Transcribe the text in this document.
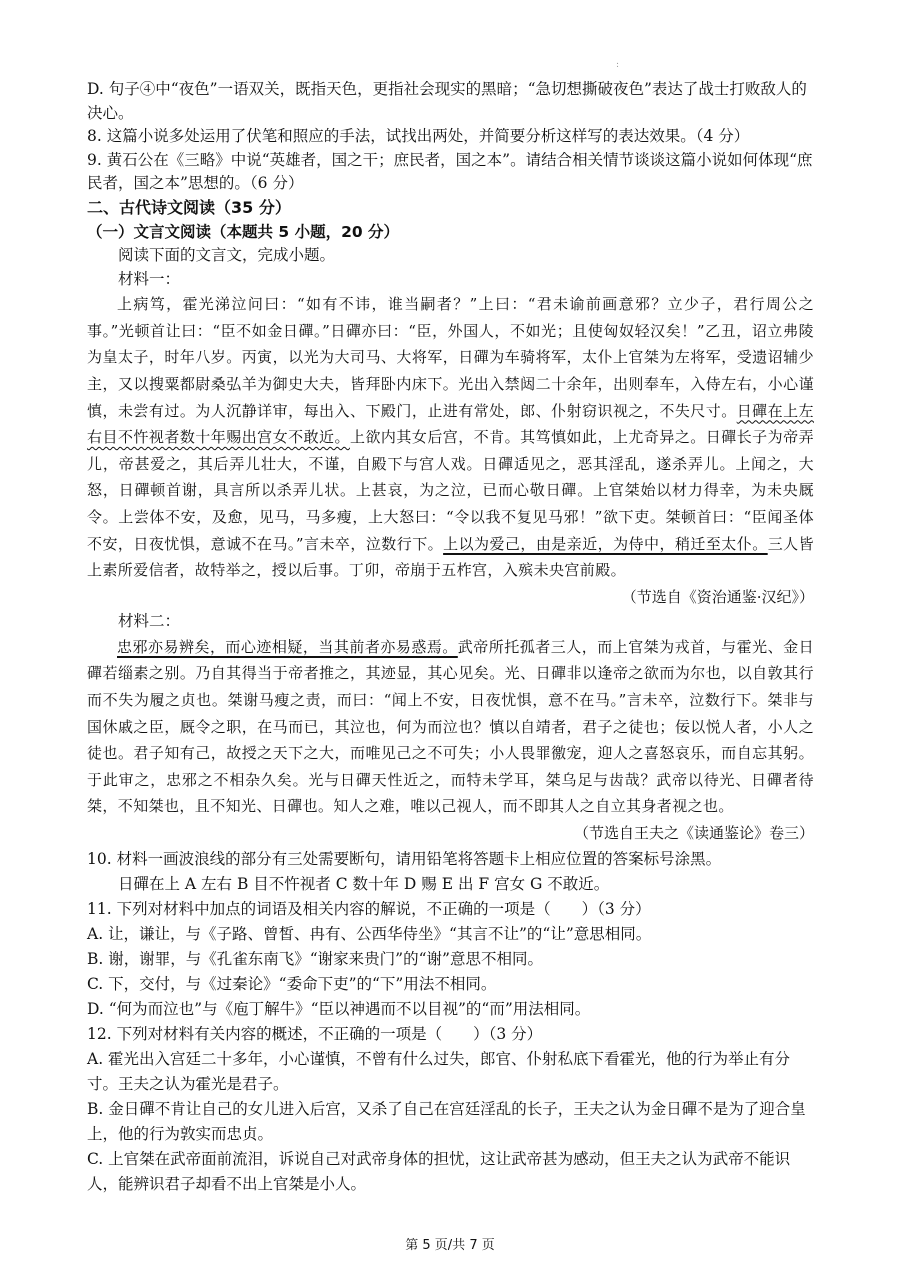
:

D. 句子④中“夜色”一语双关，既指天色，更指社会现实的黑暗；“急切想撕破夜色”表达了战士打败敌人的决心。

8. 这篇小说多处运用了伏笔和照应的手法，试找出两处，并简要分析这样写的表达效果。（4 分）

9. 黄石公在《三略》中说“英雄者，国之干；庶民者，国之本”。请结合相关情节谈谈这篇小说如何体现“庶民者，国之本”思想的。（6 分）

二、古代诗文阅读（35 分）

（一）文言文阅读（本题共 5 小题，20 分）

阅读下面的文言文，完成小题。

材料一：

上病笃，霍光涕泣问曰：“如有不讳，谁当嗣者？”上曰：“君未谕前画意邪？立少子，君行周公之事。”光顿首让曰：“臣不如金日磾。”日磾亦曰：“臣，外国人，不如光；且使匈奴轻汉矣！”乙丑，诏立弗陵为皇太子，时年八岁。丙寅，以光为大司马、大将军，日磾为车骑将军，太仆上官桀为左将军，受遗诏辅少主，又以搜粟都尉桑弘羊为御史大夫，皆拜卧内床下。光出入禁闼二十余年，出则奉车，入侍左右，小心谨慎，未尝有过。为人沉静详审，每出入、下殿门，止进有常处，郎、仆射窃识视之，不失尺寸。日磾在上左右目不忤视者数十年赐出宫女不敢近。上欲内其女后宫，不肯。其笃慎如此，上尤奇异之。日磾长子为帝弄儿，帝甚爱之，其后弄儿壮大，不谨，自殿下与宫人戏。日磾适见之，恶其淫乱，遂杀弄儿。上闻之，大怒，日磾顿首谢，具言所以杀弄儿状。上甚哀，为之泣，已而心敬日磾。上官桀始以材力得幸，为未央厩令。上尝体不安，及愈，见马，马多瘦，上大怒曰：“令以我不复见马邪！”欲下吏。桀顿首曰：“臣闻圣体不安，日夜忧惧，意诚不在马。”言未卒，泣数行下。上以为爱己，由是亲近，为侍中，稍迁至太仆。三人皆上素所爱信者，故特举之，授以后事。丁卯，帝崩于五柞宫，入殡未央宫前殿。

（节选自《资治通鉴·汉纪》）

材料二：

忠邪亦易辨矣，而心迹相疑，当其前者亦易惑焉。武帝所托孤者三人，而上官桀为戎首，与霍光、金日磾若缁素之别。乃自其得当于帝者推之，其迹显，其心见矣。光、日磾非以逢帝之欲而为尔也，以自敦其行而不失为履之贞也。桀谢马瘦之责，而曰：“闻上不安，日夜忧惧，意不在马。”言未卒，泣数行下。桀非与国休戚之臣，厩令之职，在马而已，其泣也，何为而泣也？慎以自靖者，君子之徒也；佞以悦人者，小人之徒也。君子知有己，故授之天下之大，而唯见己之不可失；小人畏罪徼宠，迎人之喜怒哀乐，而自忘其躬。于此审之，忠邪之不相杂久矣。光与日磾天性近之，而特未学耳，桀乌足与齿哉？武帝以待光、日磾者待桀，不知桀也，且不知光、日磾也。知人之难，唯以己视人，而不即其人之自立其身者视之也。

（节选自王夫之《读通鉴论》卷三）

10. 材料一画波浪线的部分有三处需要断句，请用铅笔将答题卡上相应位置的答案标号涂黑。

日磾在上 A 左右 B 目不忤视者 C 数十年 D 赐 E 出 F 宫女 G 不敢近。

11. 下列对材料中加点的词语及相关内容的解说，不正确的一项是（　　）（3 分）

A. 让，谦让，与《子路、曾皙、冉有、公西华侍坐》“其言不让”的“让”意思相同。

B. 谢，谢罪，与《孔雀东南飞》“谢家来贵门”的“谢”意思不相同。

C. 下，交付，与《过秦论》“委命下吏”的“下”用法不相同。

D. “何为而泣也”与《庖丁解牛》“臣以神遇而不以目视”的“而”用法相同。

12. 下列对材料有关内容的概述，不正确的一项是（　　）（3 分）

A. 霍光出入宫廷二十多年，小心谨慎，不曾有什么过失，郎官、仆射私底下看霍光，他的行为举止有分寸。王夫之认为霍光是君子。

B. 金日磾不肯让自己的女儿进入后宫，又杀了自己在宫廷淫乱的长子，王夫之认为金日磾不是为了迎合皇上，他的行为敦实而忠贞。

C. 上官桀在武帝面前流泪，诉说自己对武帝身体的担忧，这让武帝甚为感动，但王夫之认为武帝不能识人，能辨识君子却看不出上官桀是小人。

第 5 页/共 7 页
